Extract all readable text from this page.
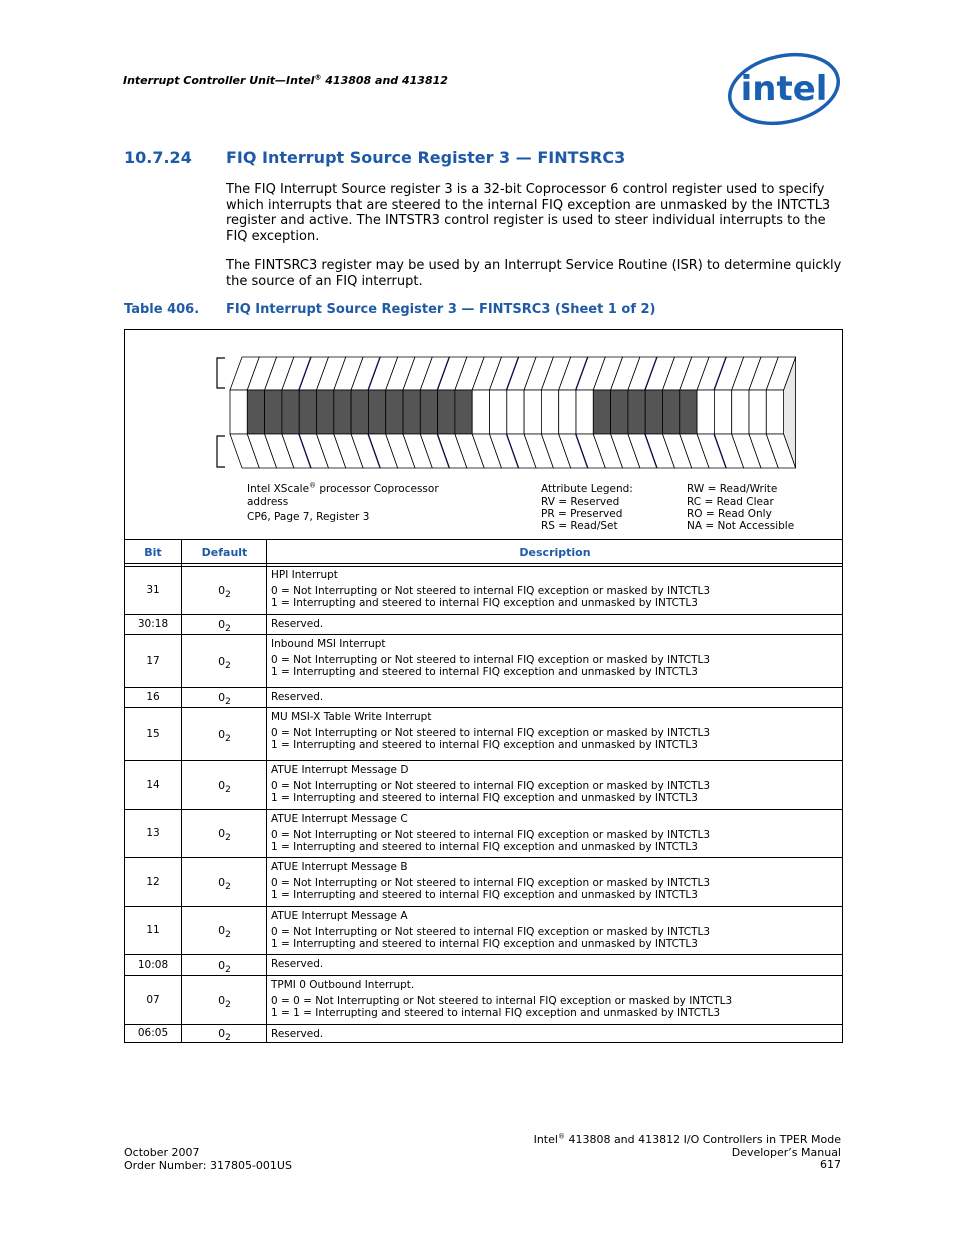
Interrupt Controller Unit—Intel® 413808 and 413812	intel
10.7.24 FIQ Interrupt Source Register 3 — FINTSRC3
The FIQ Interrupt Source register 3 is a 32-bit Coprocessor 6 control register used to specify which interrupts that are steered to the internal FIQ exception are unmasked by the INTCTL3 register and active. The INTSTR3 control register is used to steer individual interrupts to the FIQ exception.
The FINTSRC3 register may be used by an Interrupt Service Routine (ISR) to determine quickly the source of an FIQ interrupt.
Table 406. FIQ Interrupt Source Register 3 — FINTSRC3 (Sheet 1 of 2)
Intel XScale® processor Coprocessor
address
CP6, Page 7, Register 3
Attribute Legend:
RV = Reserved
PR = Preserved
RS = Read/Set
RW = Read/Write
RC = Read Clear
RO = Read Only
NA = Not Accessible
Bit	Default	Description
31	$0_2$
HPI Interrupt
0 = Not Interrupting or Not steered to internal FIQ exception or masked by INTCTL3
1 = Interrupting and steered to internal FIQ exception and unmasked by INTCTL3
30:18	$0_2$	Reserved.
17	$0_2$
Inbound MSI Interrupt
0 = Not Interrupting or Not steered to internal FIQ exception or masked by INTCTL3
1 = Interrupting and steered to internal FIQ exception and unmasked by INTCTL3
16	$0_2$	Reserved.
15	$0_2$
MU MSI-X Table Write Interrupt
0 = Not Interrupting or Not steered to internal FIQ exception or masked by INTCTL3
1 = Interrupting and steered to internal FIQ exception and unmasked by INTCTL3
14	$0_2$
ATUE Interrupt Message D
0 = Not Interrupting or Not steered to internal FIQ exception or masked by INTCTL3
1 = Interrupting and steered to internal FIQ exception and unmasked by INTCTL3
13	$0_2$
ATUE Interrupt Message C
0 = Not Interrupting or Not steered to internal FIQ exception or masked by INTCTL3
1 = Interrupting and steered to internal FIQ exception and unmasked by INTCTL3
12	$0_2$
ATUE Interrupt Message B
0 = Not Interrupting or Not steered to internal FIQ exception or masked by INTCTL3
1 = Interrupting and steered to internal FIQ exception and unmasked by INTCTL3
11	$0_2$
ATUE Interrupt Message A
0 = Not Interrupting or Not steered to internal FIQ exception or masked by INTCTL3
1 = Interrupting and steered to internal FIQ exception and unmasked by INTCTL3
10:08	$0_2$	Reserved.
07	$0_2$
TPMI 0 Outbound Interrupt.
0 = 0 = Not Interrupting or Not steered to internal FIQ exception or masked by INTCTL3
1 = 1 = Interrupting and steered to internal FIQ exception and unmasked by INTCTL3
06:05	$0_2$	Reserved.
October 2007
Order Number: 317805-001US
Intel® 413808 and 413812 I/O Controllers in TPER Mode
Developer’s Manual
617
